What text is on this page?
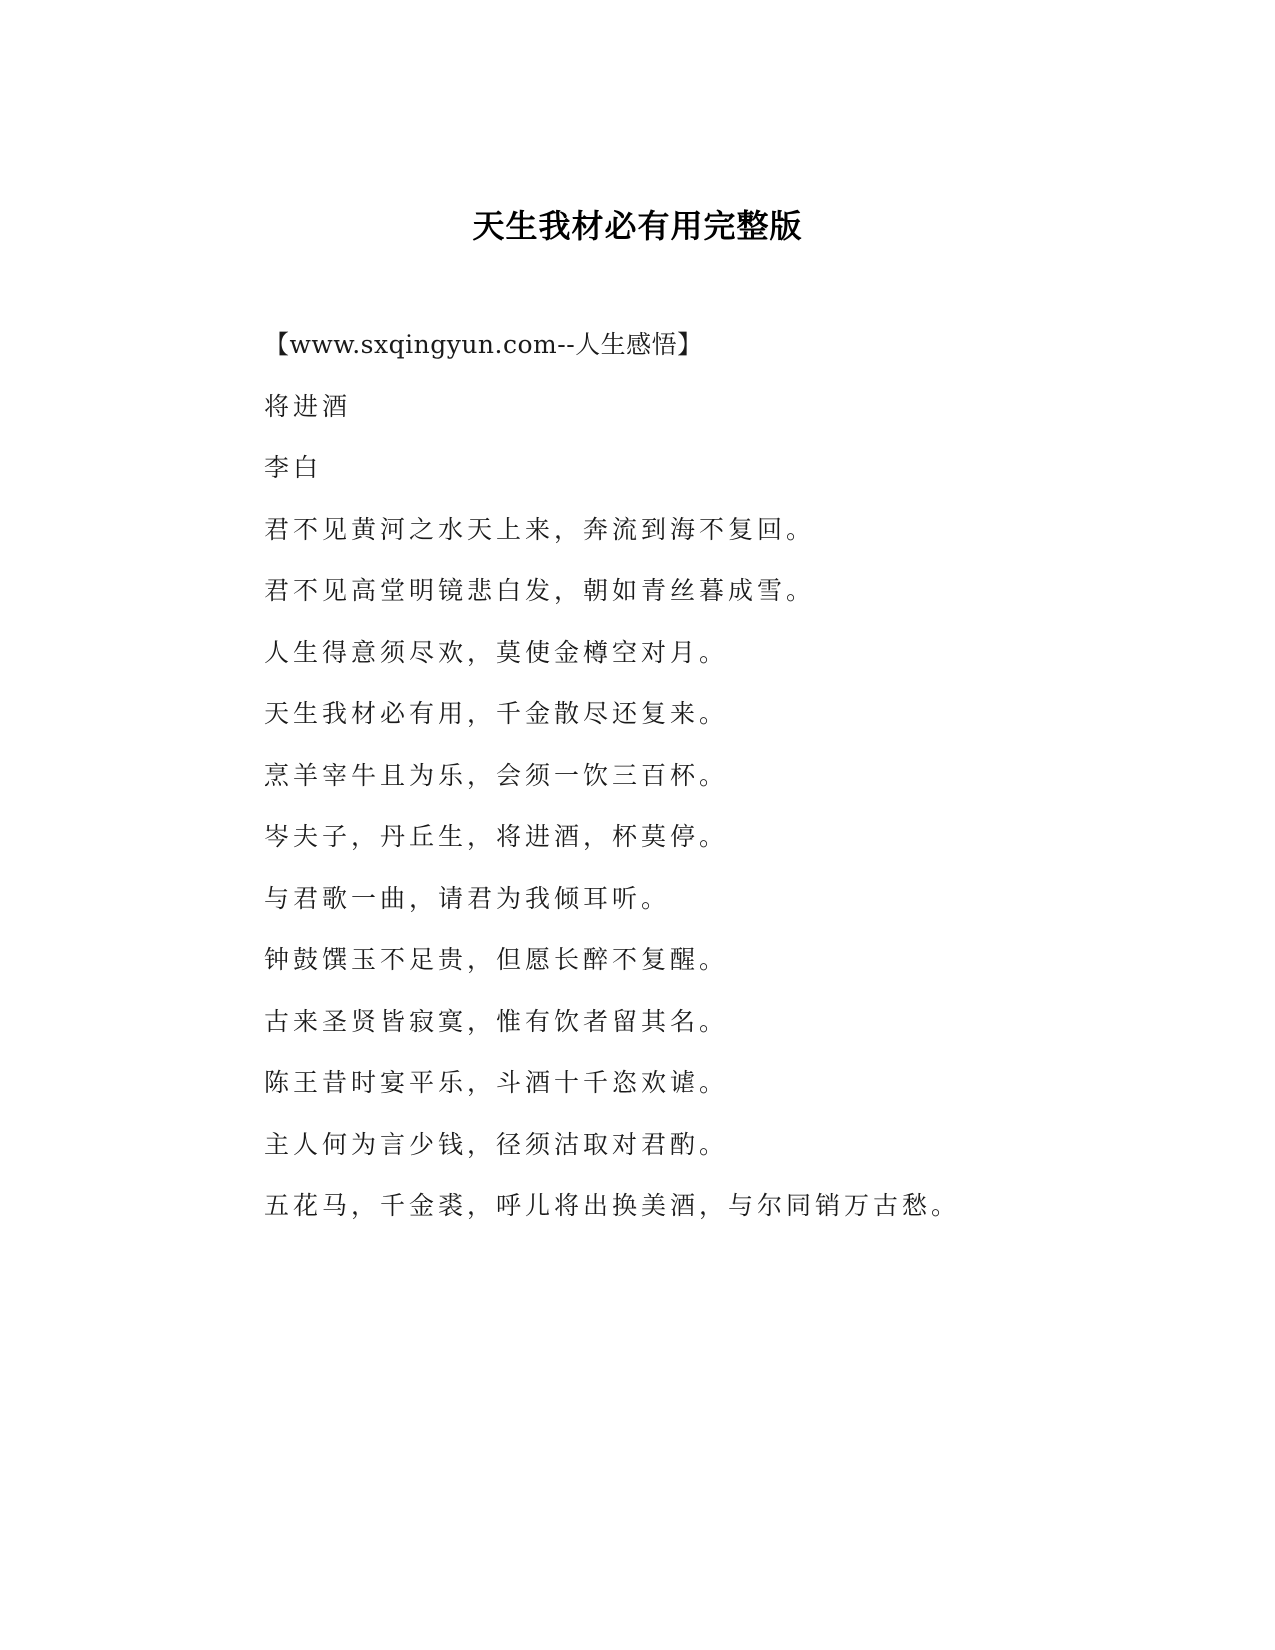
天生我材必有用完整版
【www.sxqingyun.com--人生感悟】
将进酒
李白
君不见黄河之水天上来，奔流到海不复回。
君不见高堂明镜悲白发，朝如青丝暮成雪。
人生得意须尽欢，莫使金樽空对月。
天生我材必有用，千金散尽还复来。
烹羊宰牛且为乐，会须一饮三百杯。
岑夫子，丹丘生，将进酒，杯莫停。
与君歌一曲，请君为我倾耳听。
钟鼓馔玉不足贵，但愿长醉不复醒。
古来圣贤皆寂寞，惟有饮者留其名。
陈王昔时宴平乐，斗酒十千恣欢谑。
主人何为言少钱，径须沽取对君酌。
五花马，千金裘，呼儿将出换美酒，与尔同销万古愁。
